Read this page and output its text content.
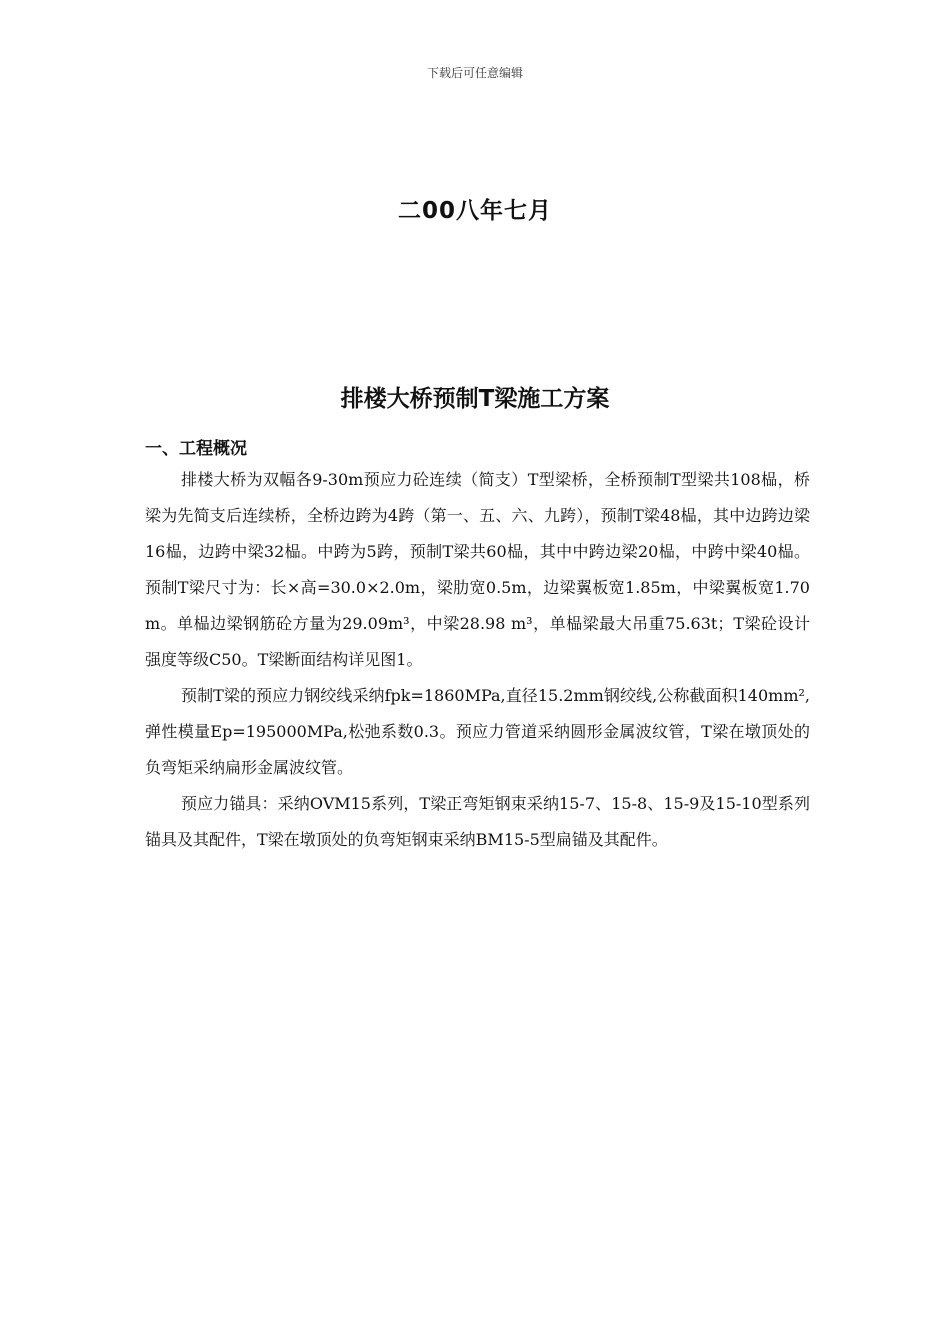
下载后可任意编辑
二00八年七月
排楼大桥预制T梁施工方案
一、工程概况

排楼大桥为双幅各9-30m预应力砼连续（简支）T型梁桥，全桥预制T型梁共108榀，桥梁为先简支后连续桥，全桥边跨为4跨（第一、五、六、九跨），预制T梁48榀，其中边跨边梁16榀，边跨中梁32榀。中跨为5跨，预制T梁共60榀，其中中跨边梁20榀，中跨中梁40榀。预制T梁尺寸为：长×高=30.0×2.0m，梁肋宽0.5m，边梁翼板宽1.85m，中梁翼板宽1.70m。单榀边梁钢筋砼方量为29.09m³，中梁28.98 m³，单榀梁最大吊重75.63t；T梁砼设计强度等级C50。T梁断面结构详见图1。

预制T梁的预应力钢绞线采纳fpk=1860MPa,直径15.2mm钢绞线,公称截面积140mm²,弹性模量Ep=195000MPa,松弛系数0.3。预应力管道采纳圆形金属波纹管，T梁在墩顶处的负弯矩采纳扁形金属波纹管。

预应力锚具：采纳OVM15系列，T梁正弯矩钢束采纳15-7、15-8、15-9及15-10型系列锚具及其配件，T梁在墩顶处的负弯矩钢束采纳BM15-5型扁锚及其配件。
